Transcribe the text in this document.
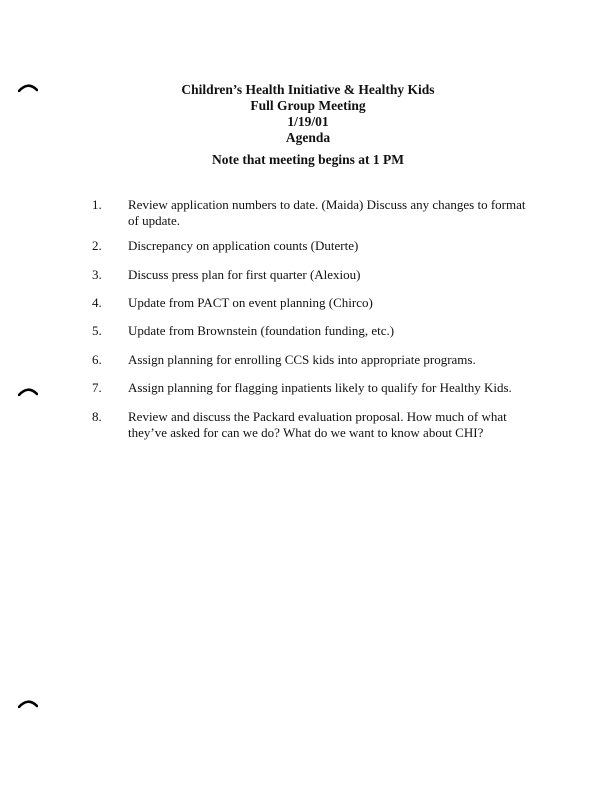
Children’s Health Initiative & Healthy Kids
Full Group Meeting
1/19/01
Agenda
Note that meeting begins at 1 PM
1.	Review application numbers to date. (Maida) Discuss any changes to format of update.
2.	Discrepancy on application counts (Duterte)
3.	Discuss press plan for first quarter (Alexiou)
4.	Update from PACT on event planning (Chirco)
5.	Update from Brownstein (foundation funding, etc.)
6.	Assign planning for enrolling CCS kids into appropriate programs.
7.	Assign planning for flagging inpatients likely to qualify for Healthy Kids.
8.	Review and discuss the Packard evaluation proposal. How much of what they’ve asked for can we do? What do we want to know about CHI?
